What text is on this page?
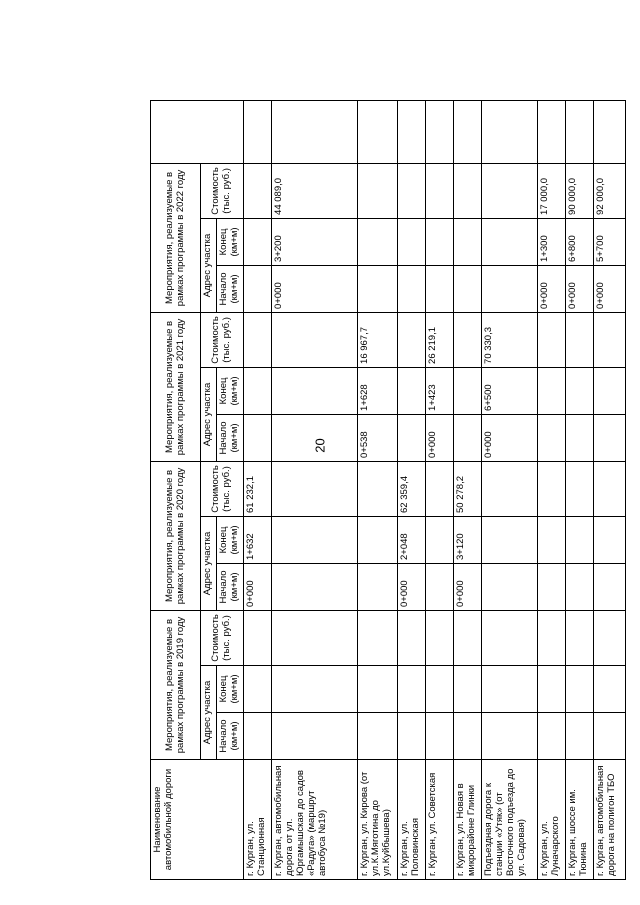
20
Наименование автомобильной дороги	Мероприятия, реализуемые в рамках программы в 2019 году			Мероприятия, реализуемые в рамках программы в 2020 году			Мероприятия, реализуемые в рамках программы в 2021 году			Мероприятия, реализуемые в рамках программы в 2022 году			
	Адрес участка		Стоимость (тыс. руб.)	Адрес участка		Стоимость (тыс. руб.)	Адрес участка		Стоимость (тыс. руб.)	Адрес участка		Стоимость (тыс. руб.)	
	Начало (км+м)	Конец (км+м)		Начало (км+м)	Конец (км+м)		Начало (км+м)	Конец (км+м)		Начало (км+м)	Конец (км+м)		
г. Курган, ул. Станционная				0+000	1+632	61 232,1							
г. Курган, автомобильная дорога от ул. Юргамышская до садов «Радуга» (маршрут автобуса №19)										0+000	3+200	44 089,0	
г. Курган, ул. Кирова (от ул.К.Мяготина до ул.Куйбышева)							0+538	1+628	16 967,7				
г. Курган, ул. Половинская				0+000	2+048	62 359,4							
г. Курган, ул. Советская							0+000	1+423	26 219,1				
г. Курган, ул. Новая в микрорайоне Глинки				0+000	3+120	50 278,2							
Подъездная дорога к станции «Утяк» (от Восточного подъезда до ул. Садовая)							0+000	6+500	70 330,3				
г. Курган, ул. Луначарского										0+000	1+300	17 000,0	
г. Курган, шоссе им. Тюнина										0+000	6+800	90 000,0	
г. Курган, автомобильная дорога на полигон ТБО										0+000	5+700	92 000,0	
